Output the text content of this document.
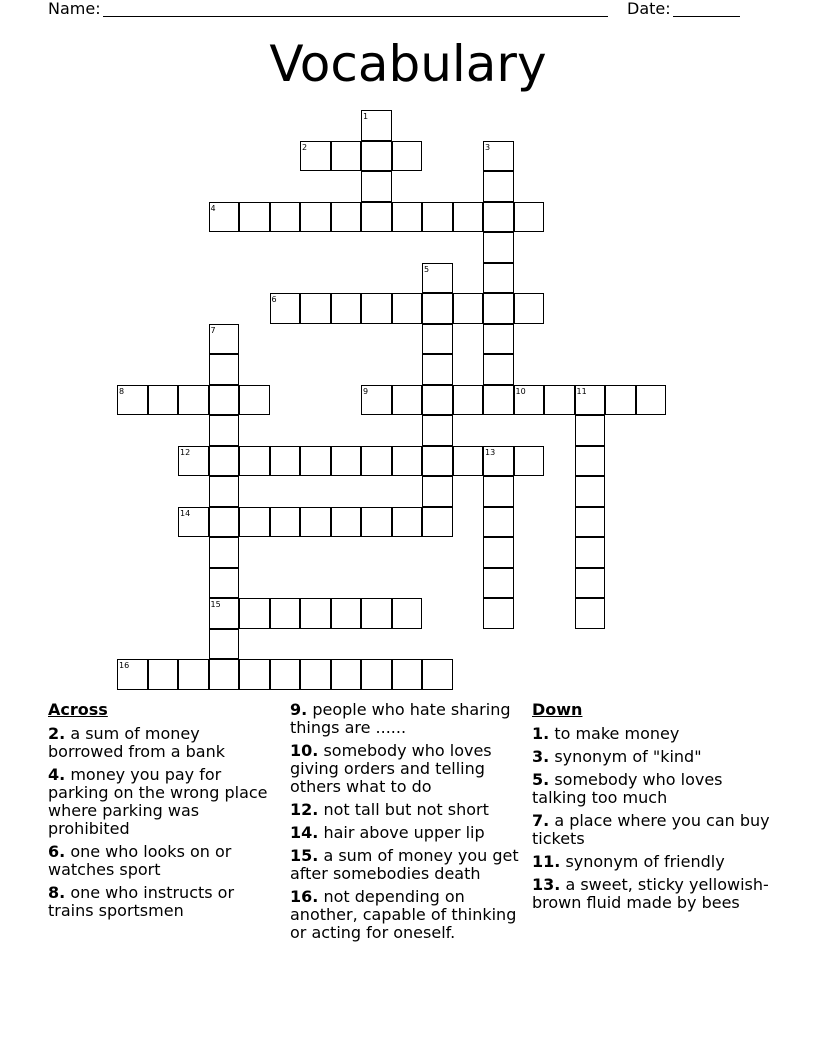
Name:	Date:
Vocabulary
2
4
6
8	9	10	11
12	13
14
15
16
1
3
5
7
Across
2. a sum of money borrowed from a bank
4. money you pay for parking on the wrong place where parking was prohibited
6. one who looks on or watches sport
8. one who instructs or trains sportsmen
9. people who hate sharing things are ......
10. somebody who loves giving orders and telling others what to do
12. not tall but not short
14. hair above upper lip
15. a sum of money you get after somebodies death
16. not depending on another, capable of thinking or acting for oneself.
Down
1. to make money
3. synonym of "kind"
5. somebody who loves talking too much
7. a place where you can buy tickets
11. synonym of friendly
13. a sweet, sticky yellowish-brown fluid made by bees
